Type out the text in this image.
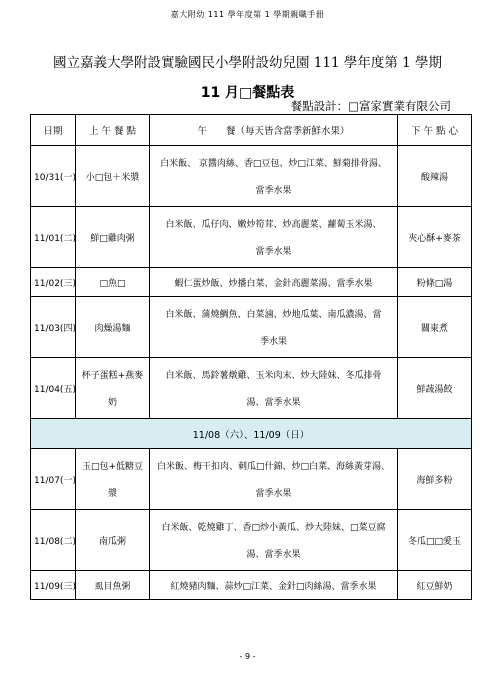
嘉大附幼 111 學年度第 1 學期親職手冊
國立嘉義大學附設實驗國民小學附設幼兒園 111 學年度第 1 學期
11 月□餐點表
餐點設計：□富家實業有限公司
日期	上 午 餐 點	午　　餐（每天皆含當季新鮮水果）	下 午 點 心
10/31(一)	小□包＋米漿	白米飯、 京醬肉絲、香□豆包、炒□江菜、鮮菊排骨湯、
當季水果	酸辣湯
11/01(二)	鮮□雞肉粥	白米飯、瓜仔肉、嫩炒筍茸、炒高麗菜、蘿蔔玉米湯、
當季水果	夾心酥+麥茶
11/02(三)	□魚□	蝦仁蛋炒飯、炒播白菜、金針高麗菜湯、當季水果	粉條□湯
11/03(四)	肉燥湯麵	白米飯、蒲燒鯛魚、白菜滷、炒地瓜葉、南瓜濃湯、當
季水果	關東煮
11/04(五)	杯子蛋糕+燕麥
奶	白米飯、馬鈴薯燉雞、玉米肉末、炒大陸妹、冬瓜排骨
湯、當季水果	鮮蔬湯餃
11/08（六）、11/09（日）			
11/07(一)	玉□包+低糖豆
漿	白米飯、梅干扣肉、刺瓜□什錦、炒□白菜、海絲黃芽湯、
當季水果	海鮮多粉
11/08(二)	南瓜粥	白米飯、乾燒雞丁、香□炒小黃瓜、炒大陸妹、□菜豆腐
湯、當季水果	冬瓜□□愛玉
11/09(三)	虱目魚粥	紅燒豬肉麵、蒜炒□江菜、金針□肉絲湯、當季水果	紅豆鮮奶
- 9 -
